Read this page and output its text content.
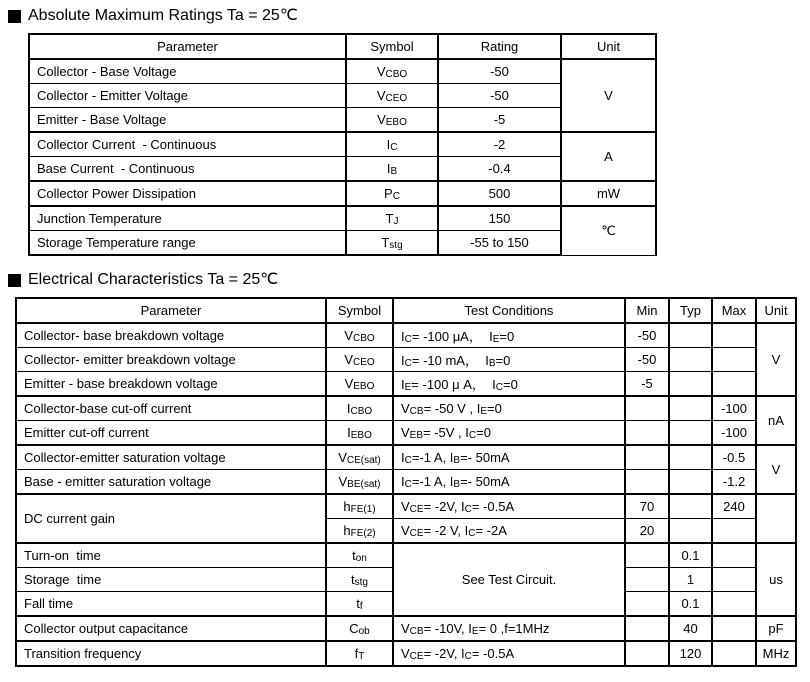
Absolute Maximum Ratings Ta = 25℃
Parameter	Symbol	Rating	Unit
Collector - Base Voltage	VCBO	-50	V
Collector - Emitter Voltage	VCEO	-50	
Emitter - Base Voltage	VEBO	-5	
Collector Current  - Continuous	IC	-2	A
Base Current  - Continuous	IB	-0.4	
Collector Power Dissipation	PC	500	mW
Junction Temperature	TJ	150	℃
Storage Temperature range	Tstg	-55 to 150	
Electrical Characteristics Ta = 25℃
Parameter	Symbol	Test Conditions	Min	Typ	Max	Unit
Collector- base breakdown voltage	VCBO	IC= -100 μA，  IE=0	-50			V
Collector- emitter breakdown voltage	VCEO	IC= -10 mA，  IB=0	-50			
Emitter - base breakdown voltage	VEBO	IE= -100 μ A，  IC=0	-5			
Collector-base cut-off current	ICBO	VCB= -50 V , IE=0			-100	nA
Emitter cut-off current	IEBO	VEB= -5V , IC=0			-100	
Collector-emitter saturation voltage	VCE(sat)	IC=-1 A, IB=- 50mA			-0.5	V
Base - emitter saturation voltage	VBE(sat)	IC=-1 A, IB=- 50mA			-1.2	
DC current gain	hFE(1)	VCE= -2V, IC= -0.5A	70		240	
	hFE(2)	VCE= -2 V, IC= -2A	20			
Turn-on  time	ton	See Test Circuit.		0.1		us
Storage  time	tstg			1		
Fall time	tf			0.1		
Collector output capacitance	Cob	VCB= -10V, IE= 0 ,f=1MHz		40		pF
Transition frequency	fT	VCE= -2V, IC= -0.5A		120		MHz
